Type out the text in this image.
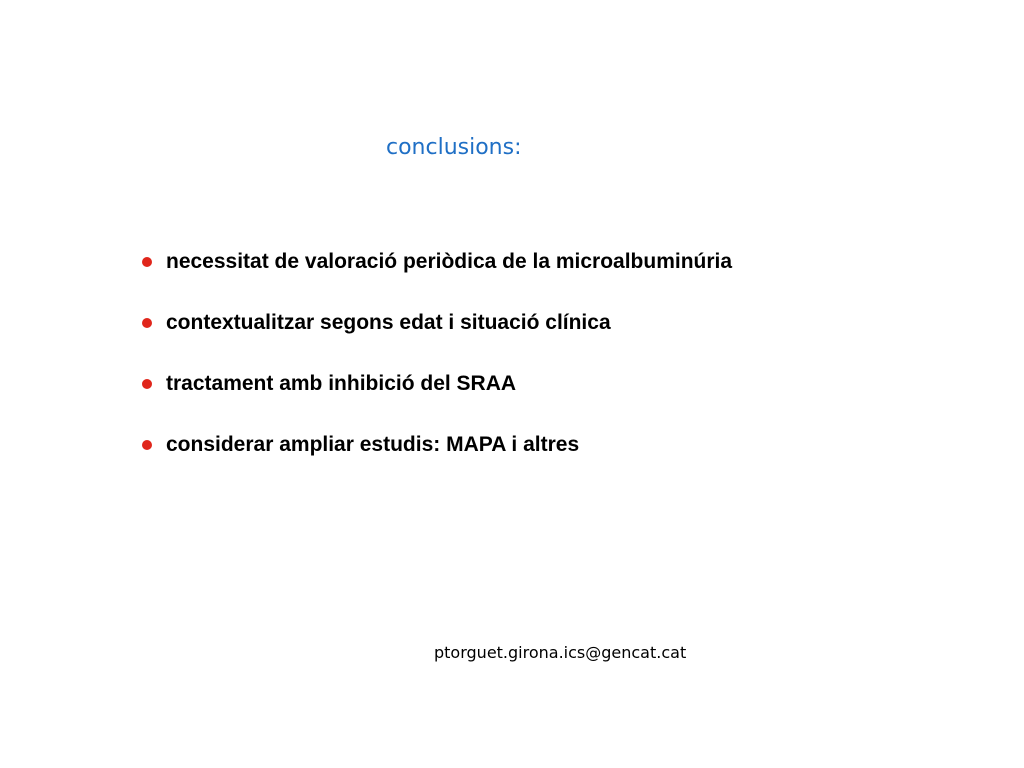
conclusions:
necessitat de valoració periòdica de la microalbuminúria
contextualitzar segons edat i situació clínica
tractament amb inhibició del SRAA
considerar ampliar estudis: MAPA i altres
ptorguet.girona.ics@gencat.cat
